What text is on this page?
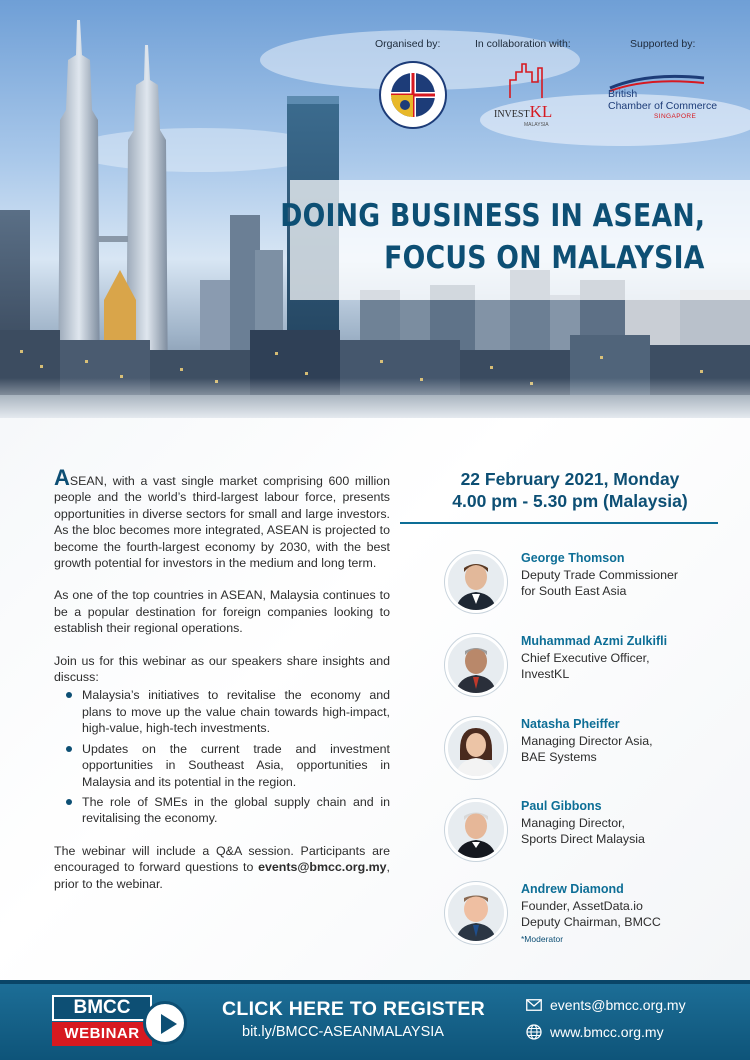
Organised by:	In collaboration with:	Supported by:
INVESTKL
MALAYSIA
British
Chamber of Commerce
SINGAPORE
DOING BUSINESS IN ASEAN,
FOCUS ON MALAYSIA

ASEAN, with a vast single market comprising 600 million people and the world’s third-largest labour force, presents opportunities in diverse sectors for small and large investors. As the bloc becomes more integrated, ASEAN is projected to become the fourth-largest economy by 2030, with the best growth potential for investors in the medium and long term.

As one of the top countries in ASEAN, Malaysia continues to be a popular destination for foreign companies looking to establish their regional operations.

Join us for this webinar as our speakers share insights and discuss:

Malaysia’s initiatives to revitalise the economy and plans to move up the value chain towards high-impact, high-value, high-tech investments.
Updates on the current trade and investment opportunities in Southeast Asia, opportunities in Malaysia and its potential in the region.
The role of SMEs in the global supply chain and in revitalising the economy.

The webinar will include a Q&A session. Participants are encouraged to forward questions to events@bmcc.org.my, prior to the webinar.

22 February 2021, Monday
4.00 pm - 5.30 pm (Malaysia)
George Thomson
Deputy Trade Commissioner
for South East Asia
Muhammad Azmi Zulkifli
Chief Executive Officer,
InvestKL
Natasha Pheiffer
Managing Director Asia,
BAE Systems
Paul Gibbons
Managing Director,
Sports Direct Malaysia
Andrew Diamond
Founder, AssetData.io
Deputy Chairman, BMCC
*Moderator
BMCC
WEBINAR
CLICK HERE TO REGISTER
bit.ly/BMCC-ASEANMALAYSIA
events@bmcc.org.my
www.bmcc.org.my
